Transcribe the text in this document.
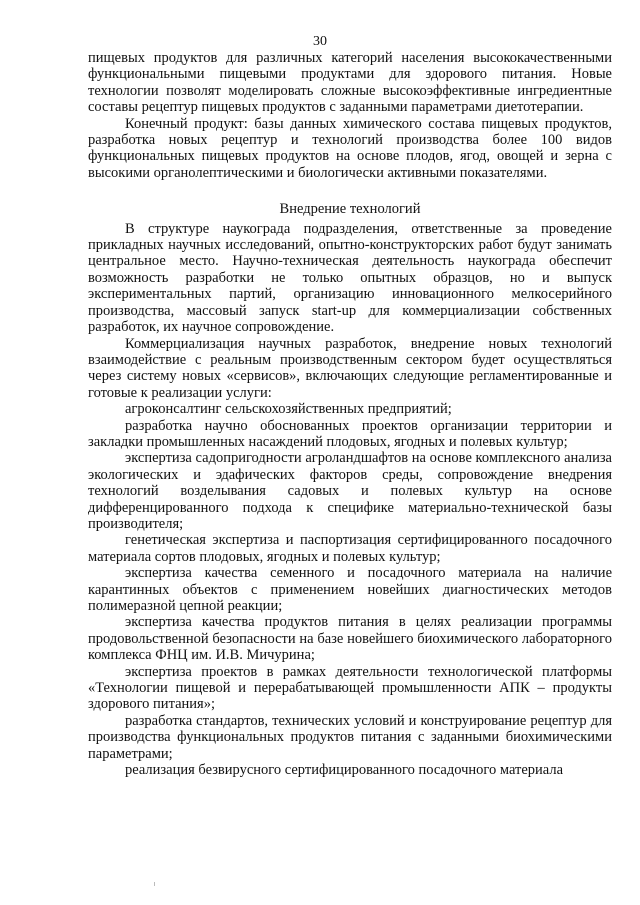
30

пищевых продуктов для различных категорий населения высококачественными функциональными пищевыми продуктами для здорового питания. Новые технологии позволят моделировать сложные высокоэффективные ингредиентные составы рецептур пищевых продуктов с заданными параметрами диетотерапии.

Конечный продукт: базы данных химического состава пищевых продуктов, разработка новых рецептур и технологий производства более 100 видов функциональных пищевых продуктов на основе плодов, ягод, овощей и зерна с высокими органолептическими и биологически активными показателями.

Внедрение технологий

В структуре наукограда подразделения, ответственные за проведение прикладных научных исследований, опытно-конструкторских работ будут занимать центральное место. Научно-техническая деятельность наукограда обеспечит возможность разработки не только опытных образцов, но и выпуск экспериментальных партий, организацию инновационного мелкосерийного производства, массовый запуск start-up для коммерциализации собственных разработок, их научное сопровождение.

Коммерциализация научных разработок, внедрение новых технологий взаимодействие с реальным производственным сектором будет осуществляться через систему новых «сервисов», включающих следующие регламентированные и готовые к реализации услуги:

агроконсалтинг сельскохозяйственных предприятий;

разработка научно обоснованных проектов организации территории и закладки промышленных насаждений плодовых, ягодных и полевых культур;

экспертиза садопригодности агроландшафтов на основе комплексного анализа экологических и эдафических факторов среды, сопровождение внедрения технологий возделывания садовых и полевых культур на основе дифференцированного подхода к специфике материально-технической базы производителя;

генетическая экспертиза и паспортизация сертифицированного посадочного материала сортов плодовых, ягодных и полевых культур;

экспертиза качества семенного и посадочного материала на наличие карантинных объектов с применением новейших диагностических методов полимеразной цепной реакции;

экспертиза качества продуктов питания в целях реализации программы продовольственной безопасности на базе новейшего биохимического лабораторного комплекса ФНЦ им. И.В. Мичурина;

экспертиза проектов в рамках деятельности технологической платформы «Технологии пищевой и перерабатывающей промышленности АПК – продукты здорового питания»;

разработка стандартов, технических условий и конструирование рецептур для производства функциональных продуктов питания с заданными биохимическими параметрами;

реализация безвирусного сертифицированного посадочного материала
